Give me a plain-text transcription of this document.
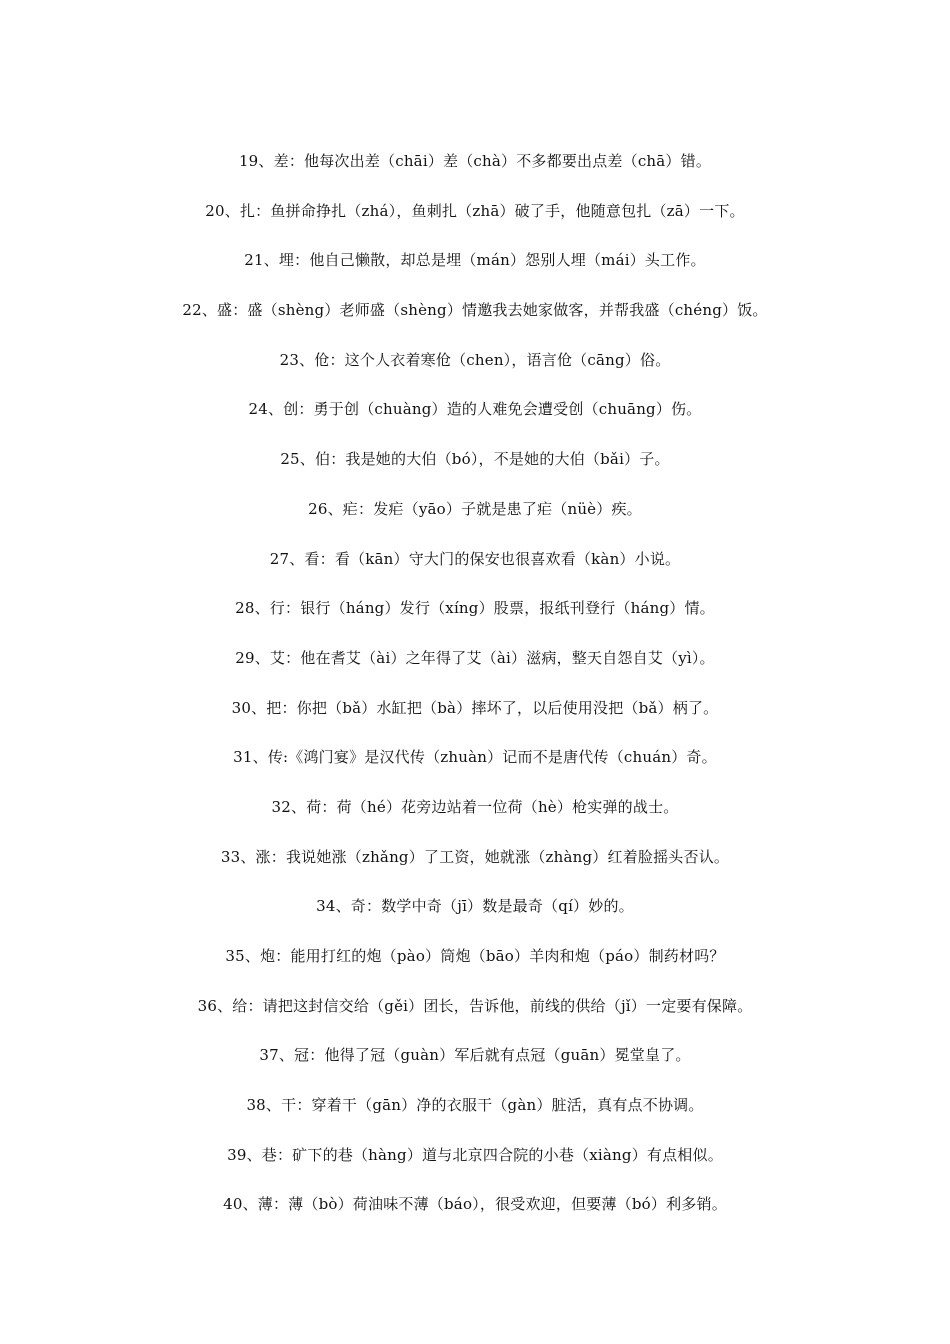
19、差：他每次出差（chāi）差（chà）不多都要出点差（chā）错。
20、扎：鱼拼命挣扎（zhá），鱼刺扎（zhā）破了手，他随意包扎（zā）一下。
21、埋：他自己懒散，却总是埋（mán）怨别人埋（mái）头工作。
22、盛：盛（shèng）老师盛（shèng）情邀我去她家做客，并帮我盛（chéng）饭。
23、伧：这个人衣着寒伧（chen），语言伧（cāng）俗。
24、创：勇于创（chuàng）造的人难免会遭受创（chuāng）伤。
25、伯：我是她的大伯（bó），不是她的大伯（bǎi）子。
26、疟：发疟（yāo）子就是患了疟（nüè）疾。
27、看：看（kān）守大门的保安也很喜欢看（kàn）小说。
28、行：银行（háng）发行（xíng）股票，报纸刊登行（háng）情。
29、艾：他在耆艾（ài）之年得了艾（ài）滋病，整天自怨自艾（yì）。
30、把：你把（bǎ）水缸把（bà）摔坏了，以后使用没把（bǎ）柄了。
31、传:《鸿门宴》是汉代传（zhuàn）记而不是唐代传（chuán）奇。
32、荷：荷（hé）花旁边站着一位荷（hè）枪实弹的战士。
33、涨：我说她涨（zhǎng）了工资，她就涨（zhàng）红着脸摇头否认。
34、奇：数学中奇（jī）数是最奇（qí）妙的。
35、炮：能用打红的炮（pào）筒炮（bāo）羊肉和炮（páo）制药材吗？
36、给：请把这封信交给（gěi）团长，告诉他，前线的供给（jǐ）一定要有保障。
37、冠：他得了冠（guàn）军后就有点冠（guān）冕堂皇了。
38、干：穿着干（gān）净的衣服干（gàn）脏活，真有点不协调。
39、巷：矿下的巷（hàng）道与北京四合院的小巷（xiàng）有点相似。
40、薄：薄（bò）荷油味不薄（báo），很受欢迎，但要薄（bó）利多销。
